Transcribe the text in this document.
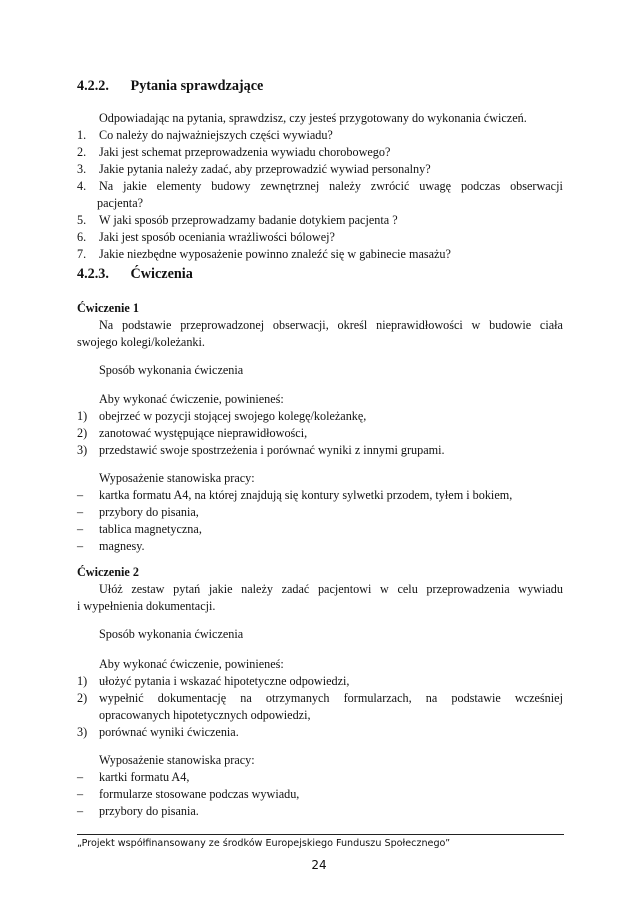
4.2.2. Pytania sprawdzające
Odpowiadając na pytania, sprawdzisz, czy jesteś przygotowany do wykonania ćwiczeń.
1. Co należy do najważniejszych części wywiadu?
2. Jaki jest schemat przeprowadzenia wywiadu chorobowego?
3. Jakie pytania należy zadać, aby przeprowadzić wywiad personalny?
4. Na jakie elementy budowy zewnętrznej należy zwrócić uwagę podczas obserwacji
pacjenta?
5. W jaki sposób przeprowadzamy badanie dotykiem pacjenta ?
6. Jaki jest sposób oceniania wrażliwości bólowej?
7. Jakie niezbędne wyposażenie powinno znaleźć się w gabinecie masażu?
4.2.3. Ćwiczenia
Ćwiczenie 1
Na podstawie przeprowadzonej obserwacji, określ nieprawidłowości w budowie ciała
swojego kolegi/koleżanki.
Sposób wykonania ćwiczenia
Aby wykonać ćwiczenie, powinieneś:
1) obejrzeć w pozycji stojącej swojego kolegę/koleżankę,
2) zanotować występujące nieprawidłowości,
3) przedstawić swoje spostrzeżenia i porównać wyniki z innymi grupami.
Wyposażenie stanowiska pracy:
– kartka formatu A4, na której znajdują się kontury sylwetki przodem, tyłem i bokiem,
– przybory do pisania,
– tablica magnetyczna,
– magnesy.
Ćwiczenie 2
Ułóż zestaw pytań jakie należy zadać pacjentowi w celu przeprowadzenia wywiadu
i wypełnienia dokumentacji.
Sposób wykonania ćwiczenia
Aby wykonać ćwiczenie, powinieneś:
1) ułożyć pytania i wskazać hipotetyczne odpowiedzi,
2) wypełnić dokumentację na otrzymanych formularzach, na podstawie wcześniej
opracowanych hipotetycznych odpowiedzi,
3) porównać wyniki ćwiczenia.
Wyposażenie stanowiska pracy:
– kartki formatu A4,
– formularze stosowane podczas wywiadu,
– przybory do pisania.
„Projekt współfinansowany ze środków Europejskiego Funduszu Społecznego”
24
